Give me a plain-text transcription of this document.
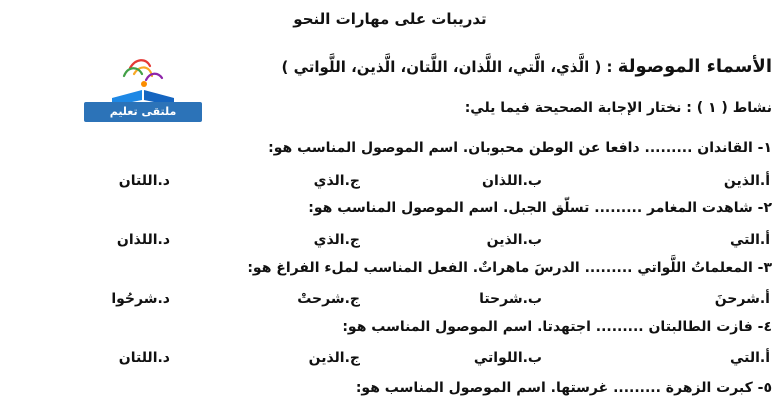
تدريبات على مهارات النحو
الأسماء الموصولة : ( الَّذي، الَّتي، اللَّذان، اللَّتان، الَّذين، اللَّواتي )
ملتقى تعليم فلسطين
نشاط ( ١ ) : نختار الإجابة الصحيحة فيما يلي:
١- القاندان ......... دافعا عن الوطن محبوبان. اسم الموصول المناسب هو:
أ.الذين
ب.اللذان
ج.الذي
د.اللتان
٢- شاهدت المغامر ......... تسلّق الجبل. اسم الموصول المناسب هو:
أ.التي
ب.الذين
ج.الذي
د.اللذان
٣- المعلماتُ اللَّواتي ......... الدرسَ ماهراتٌ. الفعل المناسب لملء الفراغ هو:
أ.شرحنَ
ب.شرحتا
ج.شرحتْ
د.شرحُوا
٤- فازت الطالبتان ......... اجتهدتا. اسم الموصول المناسب هو:
أ.التي
ب.اللواتي
ج.الذين
د.اللتان
٥- كبرت الزهرة ......... غرستها. اسم الموصول المناسب هو:
